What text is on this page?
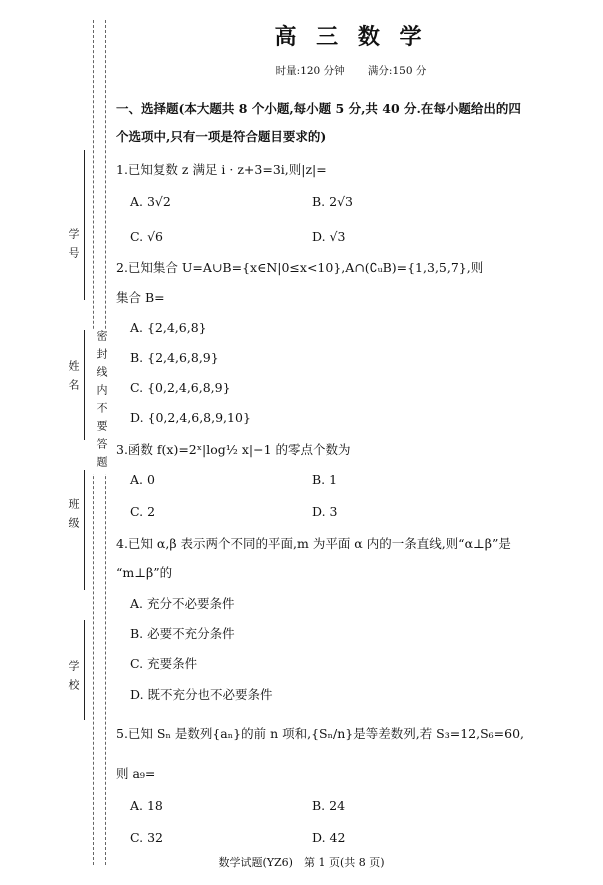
学号
姓名
班级
学校
密封线内不要答题
高 三 数 学
时量:120 分钟 满分:150 分
一、选择题(本大题共 8 个小题,每小题 5 分,共 40 分.在每小题给出的四
个选项中,只有一项是符合题目要求的)
1.已知复数 z 满足 i · z+3=3i,则|z|=
A. 3√2	B. 2√3
C. √6	D. √3
2.已知集合 U=A∪B={x∈N|0≤x<10},A∩(∁ᵤB)={1,3,5,7},则
集合 B=
A. {2,4,6,8}
B. {2,4,6,8,9}
C. {0,2,4,6,8,9}
D. {0,2,4,6,8,9,10}
3.函数 f(x)=2ˣ|log½ x|−1 的零点个数为
A. 0	B. 1
C. 2	D. 3
4.已知 α,β 表示两个不同的平面,m 为平面 α 内的一条直线,则“α⊥β”是
“m⊥β”的
A. 充分不必要条件
B. 必要不充分条件
C. 充要条件
D. 既不充分也不必要条件
5.已知 Sₙ 是数列{aₙ}的前 n 项和,{Sₙ/n}是等差数列,若 S₃=12,S₆=60,
则 a₉=
A. 18	B. 24
C. 32	D. 42
数学试题(YZ6)　第 1 页(共 8 页)
